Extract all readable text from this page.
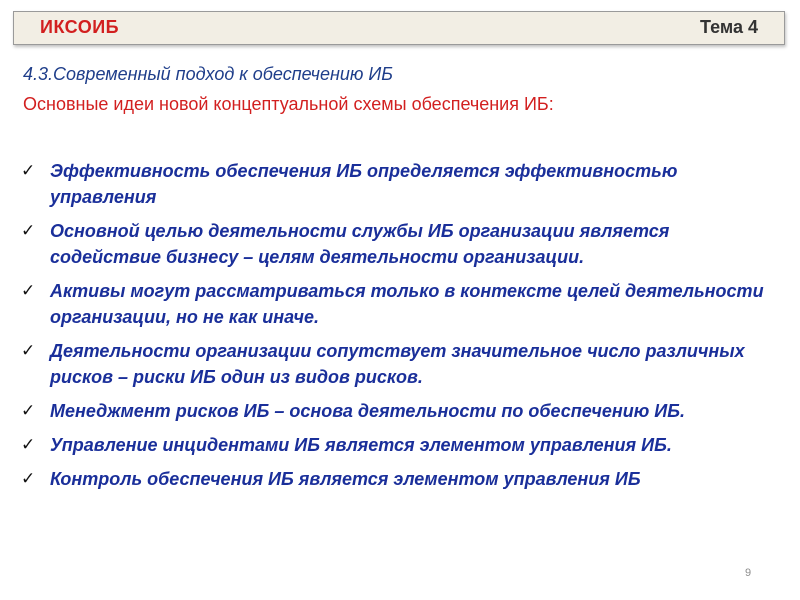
ИКСОИБ	Тема 4
4.3.Современный подход к обеспечению ИБ
Основные идеи новой концептуальной схемы обеспечения ИБ:
✓ Эффективность обеспечения ИБ определяется эффективностью управления
✓ Основной целью деятельности службы ИБ организации является содействие бизнесу – целям деятельности организации.
✓ Активы могут рассматриваться только в контексте целей деятельности организации, но не как иначе.
✓ Деятельности организации сопутствует значительное число различных рисков – риски ИБ один из видов рисков.
✓ Менеджмент рисков ИБ – основа деятельности по обеспечению ИБ.
✓ Управление инцидентами ИБ является элементом управления ИБ.
✓ Контроль обеспечения ИБ является элементом управления ИБ
9
